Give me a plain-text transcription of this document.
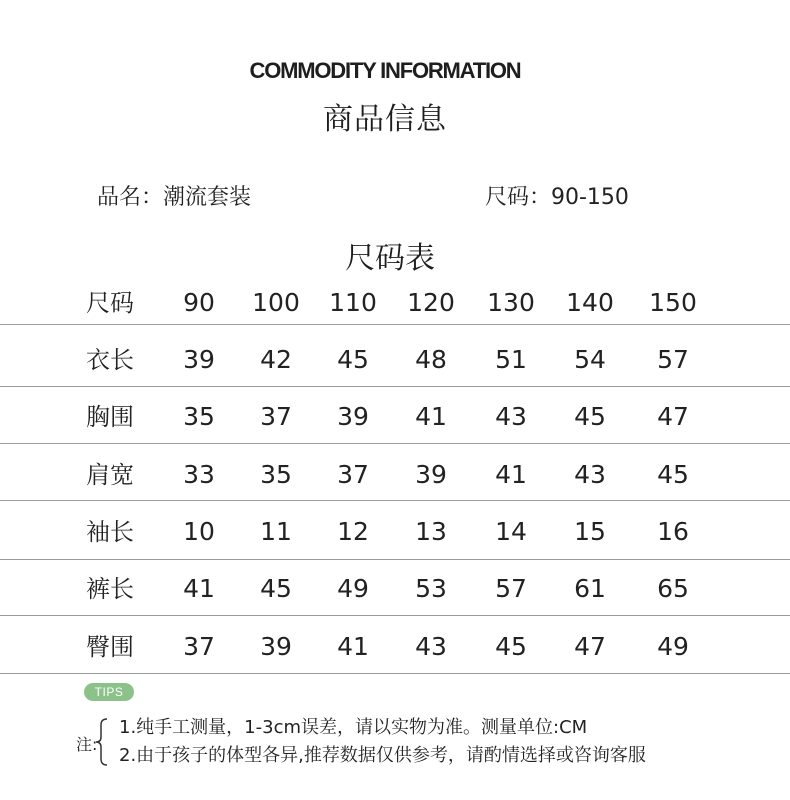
COMMODITY INFORMATION
商品信息
品名：潮流套装	尺码：90-150
尺码表
尺码	90	100	110	120	130	140	150
衣长	39	42	45	48	51	54	57
胸围	35	37	39	41	43	45	47
肩宽	33	35	37	39	41	43	45
袖长	10	11	12	13	14	15	16
裤长	41	45	49	53	57	61	65
臀围	37	39	41	43	45	47	49
TIPS
注:
1.纯手工测量，1-3cm误差，请以实物为准。测量单位:CM
2.由于孩子的体型各异,推荐数据仅供参考，请酌情选择或咨询客服
